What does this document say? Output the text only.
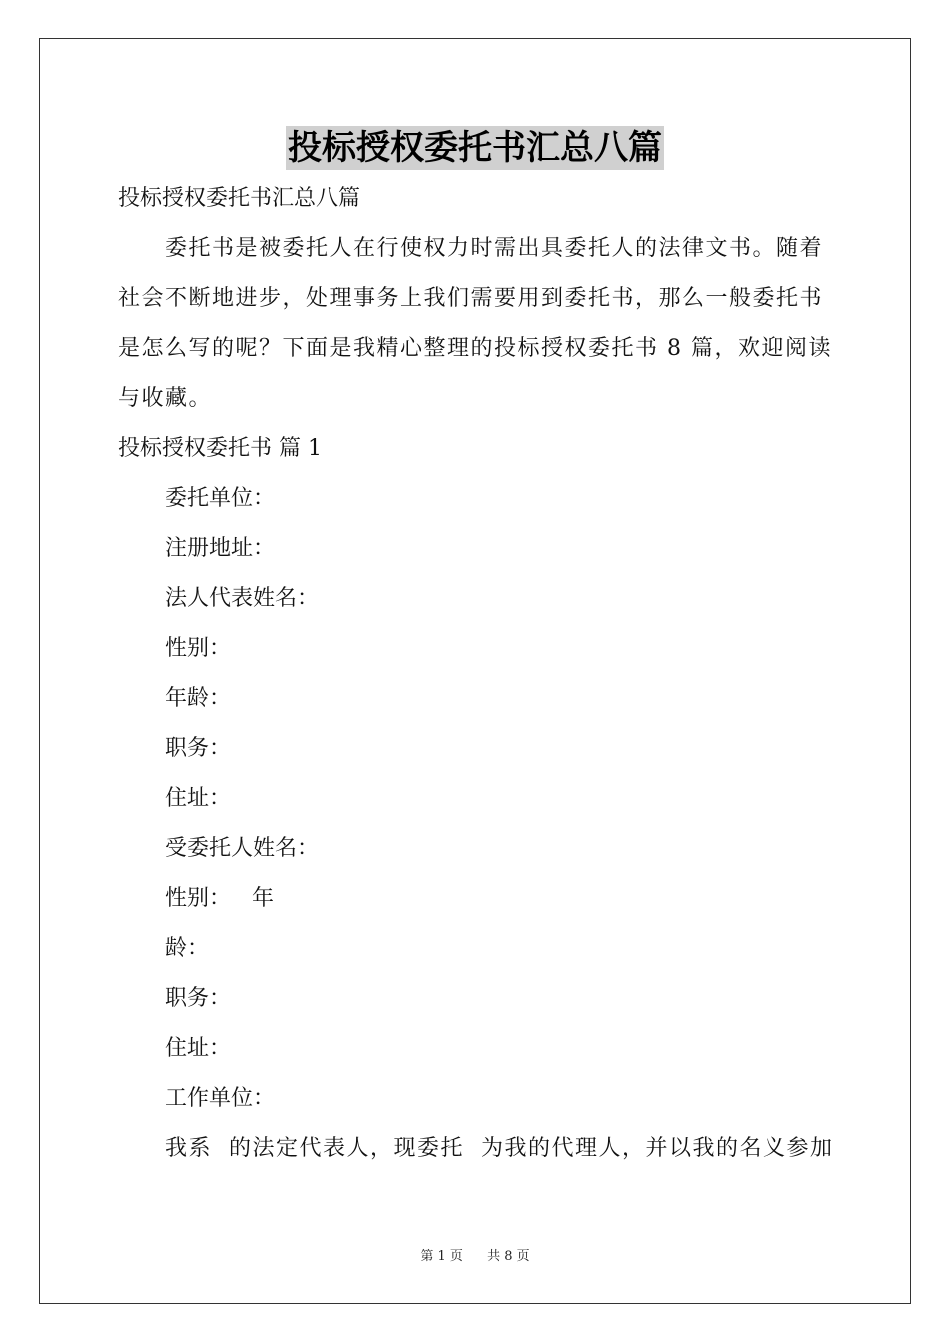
投标授权委托书汇总八篇
投标授权委托书汇总八篇
委托书是被委托人在行使权力时需出具委托人的法律文书。随着
社会不断地进步，处理事务上我们需要用到委托书，那么一般委托书
是怎么写的呢？下面是我精心整理的投标授权委托书 8 篇，欢迎阅读
与收藏。
投标授权委托书 篇 1
委托单位：
注册地址：
法人代表姓名：
性别：
年龄：
职务：
住址：
受委托人姓名：
性别：   年
龄：
职务：
住址：
工作单位：
我系  的法定代表人，现委托  为我的代理人，并以我的名义参加
第 1 页 共 8 页
